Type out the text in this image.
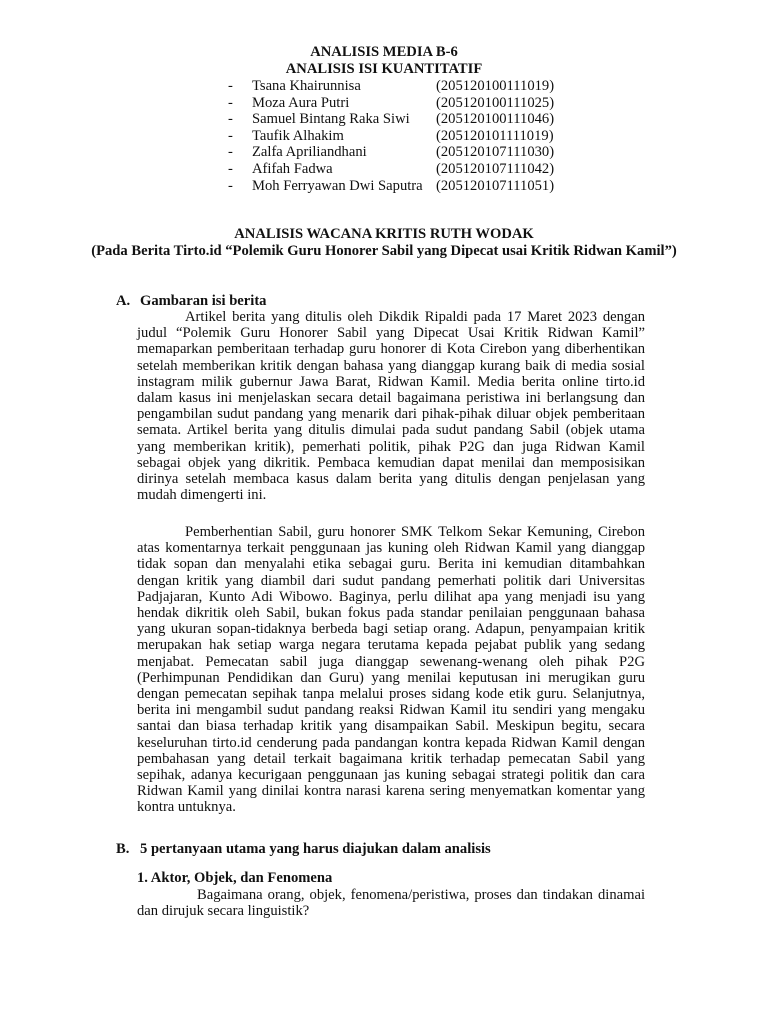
ANALISIS MEDIA B-6
ANALISIS ISI KUANTITATIF
- Tsana Khairunnisa	(205120100111019)
- Moza Aura Putri	(205120100111025)
- Samuel Bintang Raka Siwi (205120100111046)
- Taufik Alhakim	(205120101111019)
- Zalfa Apriliandhani	(205120107111030)
- Afifah Fadwa	(205120107111042)
- Moh Ferryawan Dwi Saputra (205120107111051)
ANALISIS WACANA KRITIS RUTH WODAK
(Pada Berita Tirto.id “Polemik Guru Honorer Sabil yang Dipecat usai Kritik Ridwan Kamil”)
A. Gambaran isi berita

Artikel berita yang ditulis oleh Dikdik Ripaldi pada 17 Maret 2023 dengan judul “Polemik Guru Honorer Sabil yang Dipecat Usai Kritik Ridwan Kamil” memaparkan pemberitaan terhadap guru honorer di Kota Cirebon yang diberhentikan setelah memberikan kritik dengan bahasa yang dianggap kurang baik di media sosial instagram milik gubernur Jawa Barat, Ridwan Kamil. Media berita online tirto.id dalam kasus ini menjelaskan secara detail bagaimana peristiwa ini berlangsung dan pengambilan sudut pandang yang menarik dari pihak-pihak diluar objek pemberitaan semata. Artikel berita yang ditulis dimulai pada sudut pandang Sabil (objek utama yang memberikan kritik), pemerhati politik, pihak P2G dan juga Ridwan Kamil sebagai objek yang dikritik. Pembaca kemudian dapat menilai dan memposisikan dirinya setelah membaca kasus dalam berita yang ditulis dengan penjelasan yang mudah dimengerti ini.

Pemberhentian Sabil, guru honorer SMK Telkom Sekar Kemuning, Cirebon atas komentarnya terkait penggunaan jas kuning oleh Ridwan Kamil yang dianggap tidak sopan dan menyalahi etika sebagai guru. Berita ini kemudian ditambahkan dengan kritik yang diambil dari sudut pandang pemerhati politik dari Universitas Padjajaran, Kunto Adi Wibowo. Baginya, perlu dilihat apa yang menjadi isu yang hendak dikritik oleh Sabil, bukan fokus pada standar penilaian penggunaan bahasa yang ukuran sopan-tidaknya berbeda bagi setiap orang. Adapun, penyampaian kritik merupakan hak setiap warga negara terutama kepada pejabat publik yang sedang menjabat. Pemecatan sabil juga dianggap sewenang-wenang oleh pihak P2G (Perhimpunan Pendidikan dan Guru) yang menilai keputusan ini merugikan guru dengan pemecatan sepihak tanpa melalui proses sidang kode etik guru. Selanjutnya, berita ini mengambil sudut pandang reaksi Ridwan Kamil itu sendiri yang mengaku santai dan biasa terhadap kritik yang disampaikan Sabil. Meskipun begitu, secara keseluruhan tirto.id cenderung pada pandangan kontra kepada Ridwan Kamil dengan pembahasan yang detail terkait bagaimana kritik terhadap pemecatan Sabil yang sepihak, adanya kecurigaan penggunaan jas kuning sebagai strategi politik dan cara Ridwan Kamil yang dinilai kontra narasi karena sering menyematkan komentar yang kontra untuknya.

B. 5 pertanyaan utama yang harus diajukan dalam analisis
1. Aktor, Objek, dan Fenomena

Bagaimana orang, objek, fenomena/peristiwa, proses dan tindakan dinamai dan dirujuk secara linguistik?
